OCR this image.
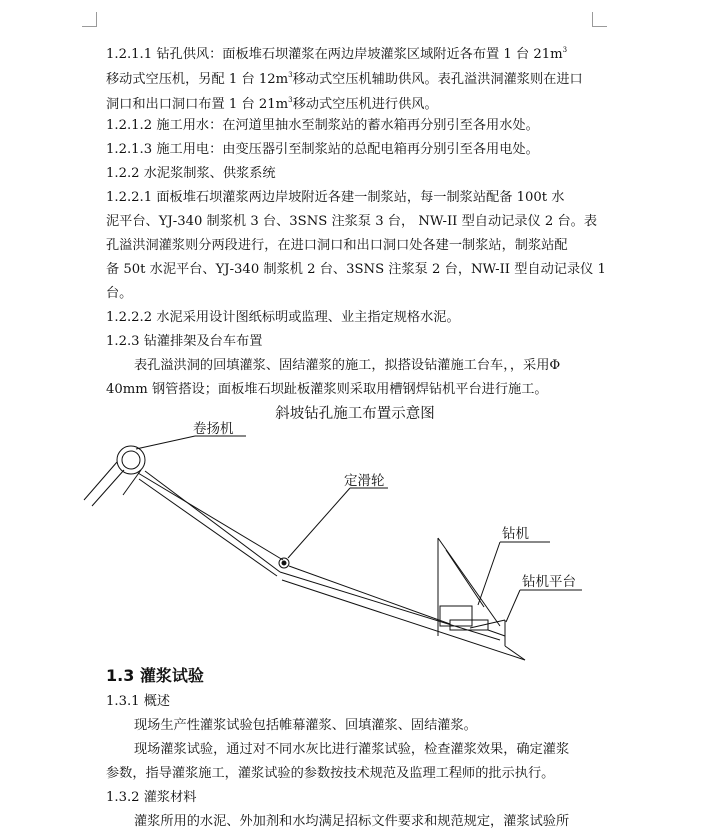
1.2.1.1 钻孔供风：面板堆石坝灌浆在两边岸坡灌浆区域附近各布置 1 台 $21m^3$
移动式空压机，另配 1 台 $12m^3$移动式空压机辅助供风。表孔溢洪洞灌浆则在进口
洞口和出口洞口布置 1 台 $21m^3$移动式空压机进行供风。
1.2.1.2 施工用水：在河道里抽水至制浆站的蓄水箱再分别引至各用水处。
1.2.1.3 施工用电：由变压器引至制浆站的总配电箱再分别引至各用电处。
1.2.2 水泥浆制浆、供浆系统
1.2.2.1 面板堆石坝灌浆两边岸坡附近各建一制浆站，每一制浆站配备 100t 水
泥平台、YJ-340 制浆机 3 台、3SNS 注浆泵 3 台， NW-II 型自动记录仪 2 台。表
孔溢洪洞灌浆则分两段进行，在进口洞口和出口洞口处各建一制浆站，制浆站配
备 50t 水泥平台、YJ-340 制浆机 2 台、3SNS 注浆泵 2 台，NW-II 型自动记录仪 1
台。
1.2.2.2 水泥采用设计图纸标明或监理、业主指定规格水泥。
1.2.3 钻灌排架及台车布置
表孔溢洪洞的回填灌浆、固结灌浆的施工，拟搭设钻灌施工台车，，采用Φ
40mm 钢管搭设；面板堆石坝趾板灌浆则采取用槽钢焊钻机平台进行施工。
斜坡钻孔施工布置示意图
卷扬机
定滑轮
钻机
钻机平台
1.3 灌浆试验
1.3.1 概述
现场生产性灌浆试验包括帷幕灌浆、回填灌浆、固结灌浆。
现场灌浆试验，通过对不同水灰比进行灌浆试验，检查灌浆效果，确定灌浆
参数，指导灌浆施工，灌浆试验的参数按技术规范及监理工程师的批示执行。
1.3.2 灌浆材料
灌浆所用的水泥、外加剂和水均满足招标文件要求和规范规定，灌浆试验所
